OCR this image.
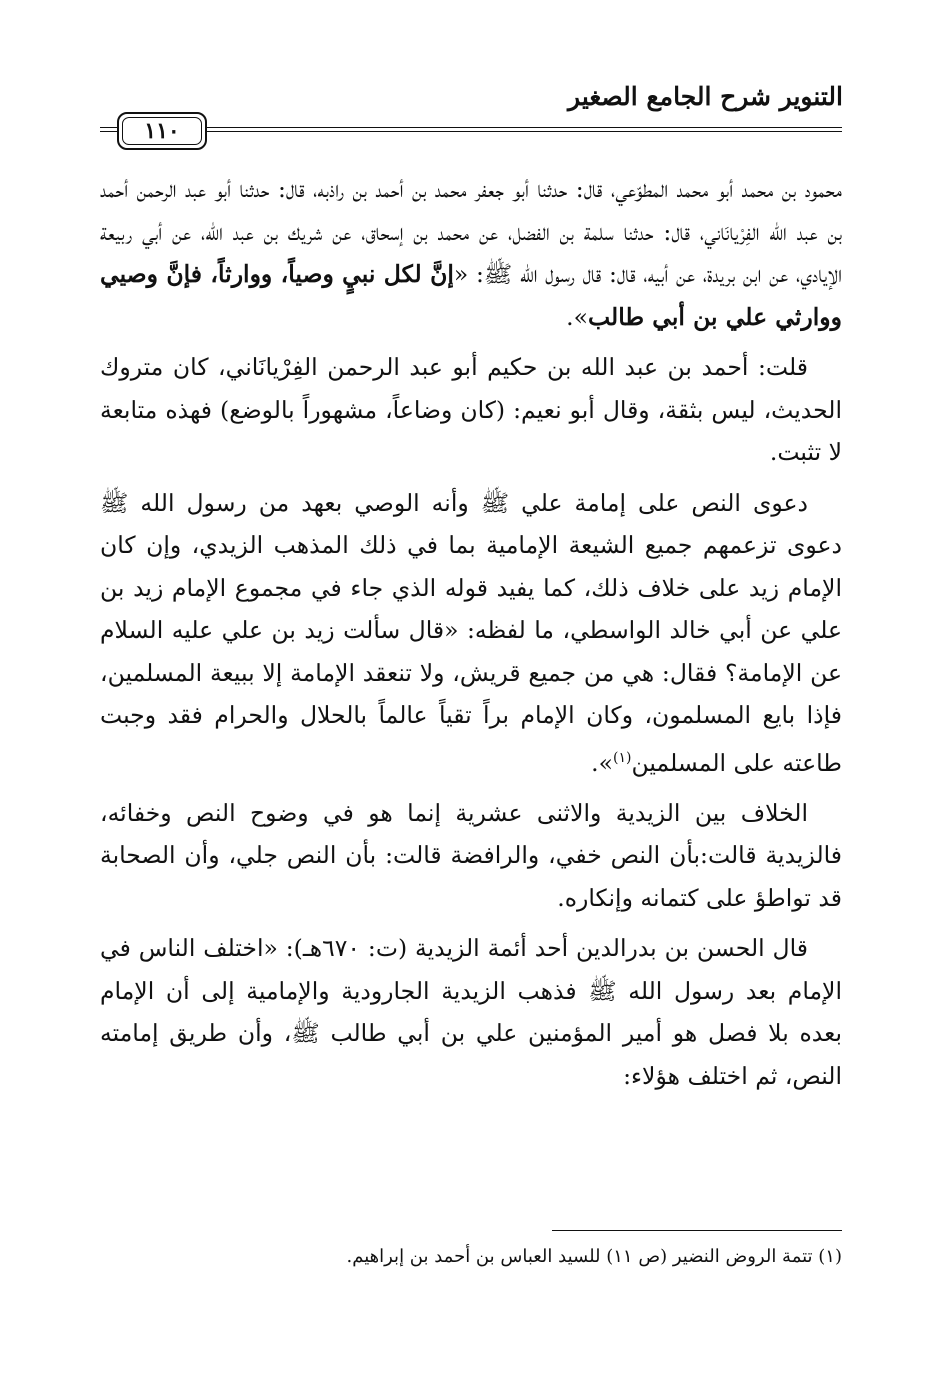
التنوير شرح الجامع الصغير
١١٠

محمود بن محمد أبو محمد المطوّعي، قال: حدثنا أبو جعفر محمد بن أحمد بن راذبه، قال: حدثنا أبو عبد الرحمن أحمد بن عبد الله الفِرْيانَاني، قال: حدثنا سلمة بن الفضل، عن محمد بن إسحاق، عن شريك بن عبد الله، عن أبي ربيعة الإيادي، عن ابن بريدة، عن أبيه، قال: قال رسول الله ﷺ: «إنَّ لكل نبيٍ وصياً، ووارثاً، فإنَّ وصيي ووارثي علي بن أبي طالب».

قلت: أحمد بن عبد الله بن حكيم أبو عبد الرحمن الفِرْيانَاني، كان متروك الحديث، ليس بثقة، وقال أبو نعيم: (كان وضاعاً، مشهوراً بالوضع) فهذه متابعة لا تثبت.

دعوى النص على إمامة علي ﷺ وأنه الوصي بعهد من رسول الله ﷺ دعوى تزعمهم جميع الشيعة الإمامية بما في ذلك المذهب الزيدي، وإن كان الإمام زيد على خلاف ذلك، كما يفيد قوله الذي جاء في مجموع الإمام زيد بن علي عن أبي خالد الواسطي، ما لفظه: «قال سألت زيد بن علي عليه السلام عن الإمامة؟ فقال: هي من جميع قريش، ولا تنعقد الإمامة إلا ببيعة المسلمين، فإذا بايع المسلمون، وكان الإمام براً تقياً عالماً بالحلال والحرام فقد وجبت طاعته على المسلمين$^{(١)}$».

الخلاف بين الزيدية والاثنى عشرية إنما هو في وضوح النص وخفائه، فالزيدية قالت:بأن النص خفي، والرافضة قالت: بأن النص جلي، وأن الصحابة قد تواطؤ على كتمانه وإنكاره.

قال الحسن بن بدرالدين أحد أئمة الزيدية (ت: ٦٧٠هـ): «اختلف الناس في الإمام بعد رسول الله ﷺ فذهب الزيدية الجارودية والإمامية إلى أن الإمام بعده بلا فصل هو أمير المؤمنين علي بن أبي طالب ﷺ، وأن طريق إمامته النص، ثم اختلف هؤلاء:

(١) تتمة الروض النضير (ص ١١) للسيد العباس بن أحمد بن إبراهيم.
